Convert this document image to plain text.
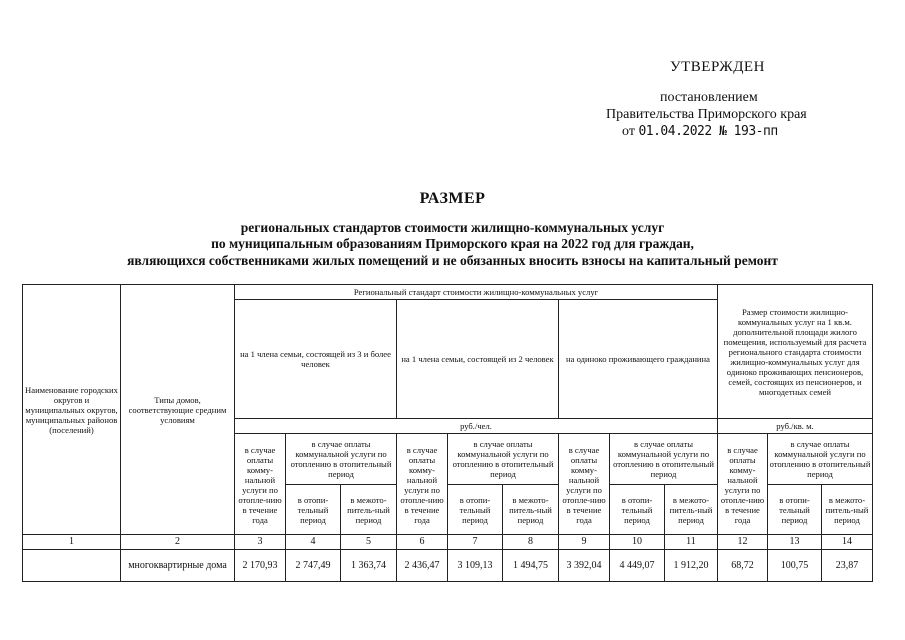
УТВЕРЖДЕН
постановлением
Правительства Приморского края
от 01.04.2022 № 193-пп
РАЗМЕР
региональных стандартов стоимости жилищно-коммунальных услуг
по муниципальным образованиям Приморского края на 2022 год для граждан,
являющихся собственниками жилых помещений и не обязанных вносить взносы на капитальный ремонт
Наименование городских округов и муниципальных округов, муниципальных районов (поселений)	Типы домов, соответствующие средним условиям	Региональный стандарт стоимости жилищно-коммунальных услуг									Размер стоимости жилищно-коммунальных услуг на 1 кв.м. дополнительной площади жилого помещения, используемый для расчета регионального стандарта стоимости жилищно-коммунальных услуг для одиноко проживающих пенсионеров, семей, состоящих из пенсионеров, и многодетных семей		
		на 1 члена семьи, состоящей из 3 и более человек			на 1 члена семьи, состоящей из 2 человек			на одиноко проживающего гражданина					
		руб./чел.									руб./кв. м.		
		в случае оплаты комму-нальной услуги по отопле-нию в течение года	в случае оплаты коммунальной услуги по отоплению в отопительный период		в случае оплаты комму-нальной услуги по отопле-нию в течение года	в случае оплаты коммунальной услуги по отоплению в отопительный период		в случае оплаты комму-нальной услуги по отопле-нию в течение года	в случае оплаты коммунальной услуги по отоплению в отопительный период		в случае оплаты комму-нальной услуги по отопле-нию в течение года	в случае оплаты коммунальной услуги по отоплению в отопительный период	
			в отопи-тельный период	в межото-питель-ный период		в отопи-тельный период	в межото-питель-ный период		в отопи-тельный период	в межото-питель-ный период		в отопи-тельный период	в межото-питель-ный период
1	2	3	4	5	6	7	8	9	10	11	12	13	14
	многоквартирные дома	2 170,93	2 747,49	1 363,74	2 436,47	3 109,13	1 494,75	3 392,04	4 449,07	1 912,20	68,72	100,75	23,87
